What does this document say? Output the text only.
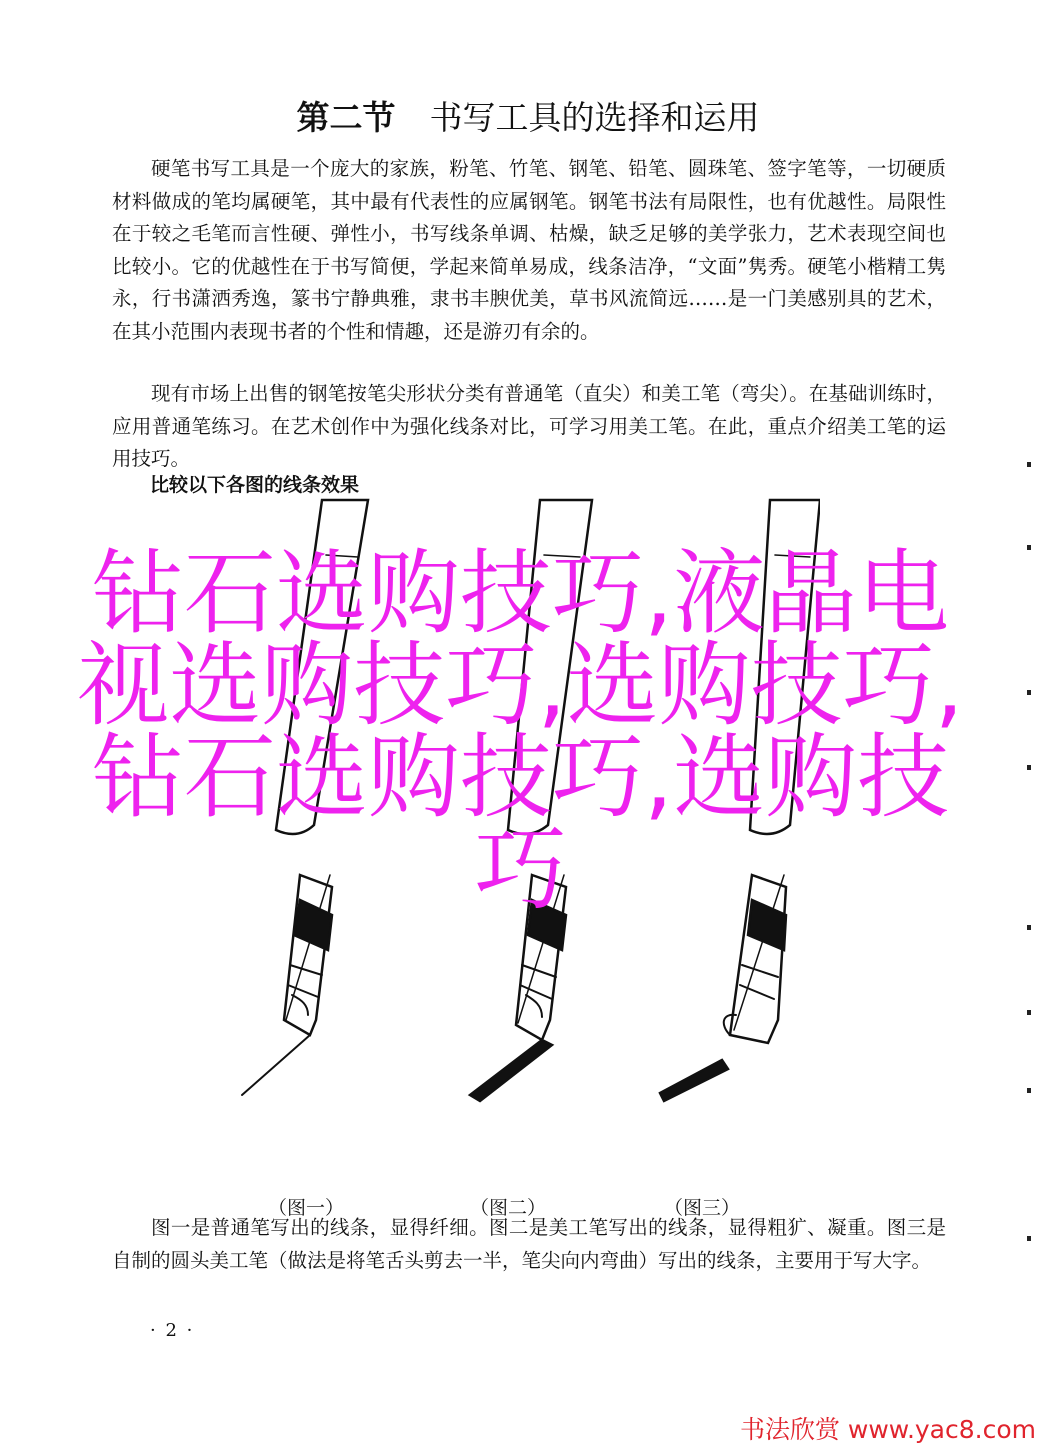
第二节 书写工具的选择和运用
硬笔书写工具是一个庞大的家族，粉笔、竹笔、钢笔、铅笔、圆珠笔、签字笔等，一切硬质材料做成的笔均属硬笔，其中最有代表性的应属钢笔。钢笔书法有局限性，也有优越性。局限性在于较之毛笔而言性硬、弹性小，书写线条单调、枯燥，缺乏足够的美学张力，艺术表现空间也比较小。它的优越性在于书写简便，学起来简单易成，线条洁净，“文面”隽秀。硬笔小楷精工隽永，行书潇洒秀逸，篆书宁静典雅，隶书丰腴优美，草书风流简远……是一门美感别具的艺术，在其小范围内表现书者的个性和情趣，还是游刃有余的。
现有市场上出售的钢笔按笔尖形状分类有普通笔（直尖）和美工笔（弯尖）。在基础训练时，应用普通笔练习。在艺术创作中为强化线条对比，可学习用美工笔。在此，重点介绍美工笔的运用技巧。
比较以下各图的线条效果
（图一）	（图二）	（图三）
图一是普通笔写出的线条，显得纤细。图二是美工笔写出的线条，显得粗犷、凝重。图三是自制的圆头美工笔（做法是将笔舌头剪去一半，笔尖向内弯曲）写出的线条，主要用于写大字。
· 2 ·
钻石选购技巧,液晶电视选购技巧,选购技巧,钻石选购技巧,选购技巧
书法欣赏 www.yac8.com
